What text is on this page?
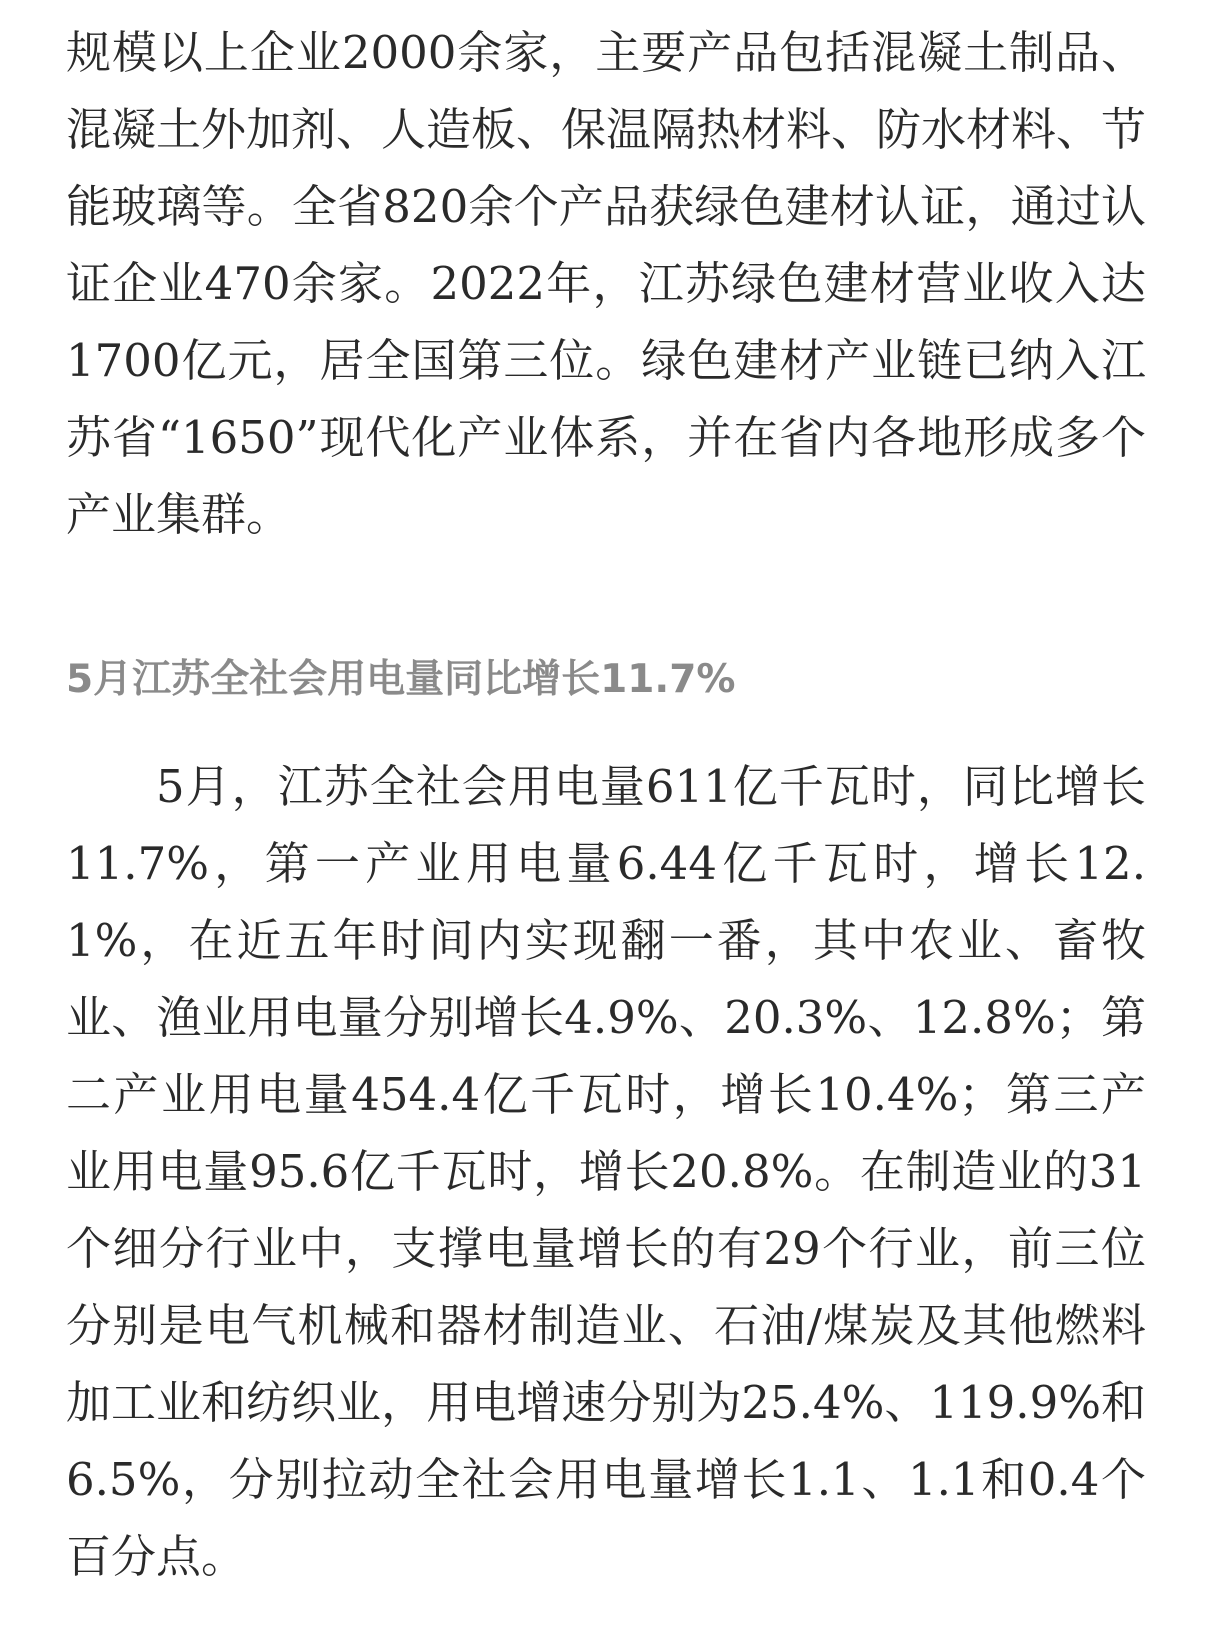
规模以上企业2000余家，主要产品包括混凝土制品、混凝土外加剂、人造板、保温隔热材料、防水材料、节能玻璃等。全省820余个产品获绿色建材认证，通过认证企业470余家。2022年，江苏绿色建材营业收入达1700亿元，居全国第三位。绿色建材产业链已纳入江苏省“1650”现代化产业体系，并在省内各地形成多个产业集群。

5月江苏全社会用电量同比增长11.7%

5月，江苏全社会用电量611亿千瓦时，同比增长11.7%，第一产业用电量6.44亿千瓦时，增长12.1%，在近五年时间内实现翻一番，其中农业、畜牧业、渔业用电量分别增长4.9%、20.3%、12.8%；第二产业用电量454.4亿千瓦时，增长10.4%；第三产业用电量95.6亿千瓦时，增长20.8%。在制造业的31个细分行业中，支撑电量增长的有29个行业，前三位分别是电气机械和器材制造业、石油/煤炭及其他燃料加工业和纺织业，用电增速分别为25.4%、119.9%和6.5%，分别拉动全社会用电量增长1.1、1.1和0.4个百分点。
